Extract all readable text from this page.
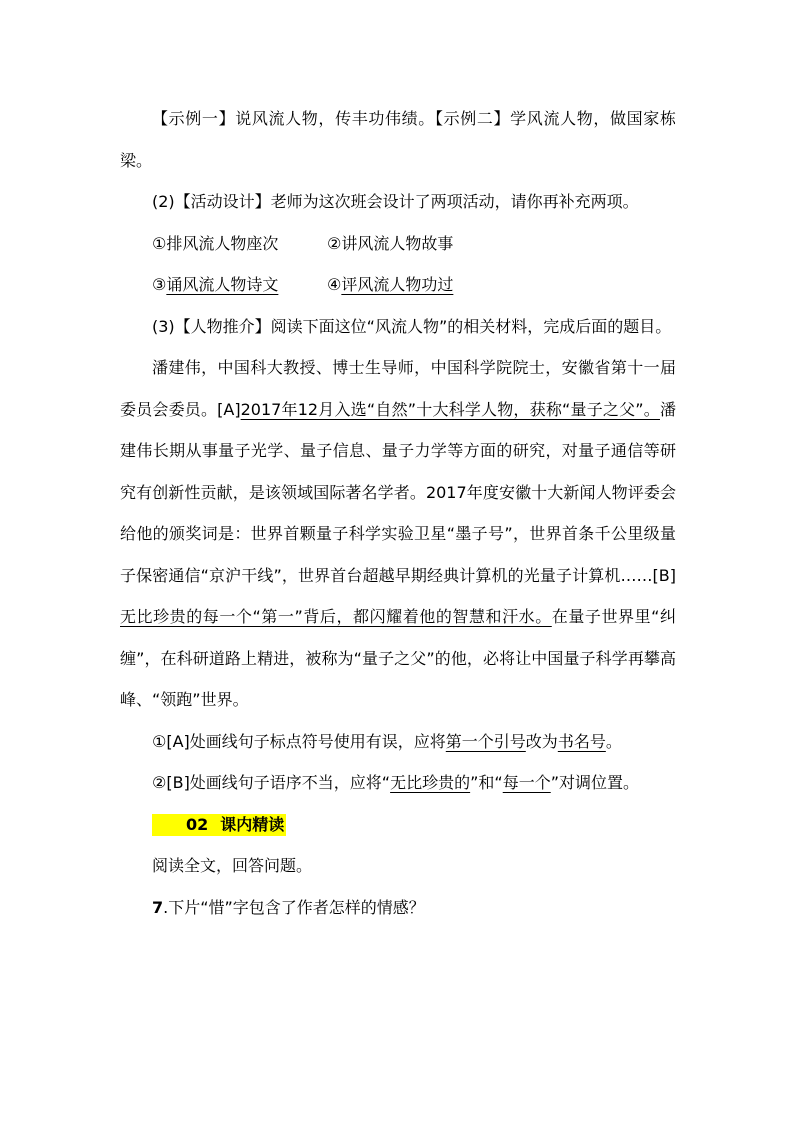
【示例一】说风流人物，传丰功伟绩。【示例二】学风流人物，做国家栋梁。

(2)【活动设计】老师为这次班会设计了两项活动，请你再补充两项。

①排风流人物座次	②讲风流人物故事
③诵风流人物诗文	④评风流人物功过

(3)【人物推介】阅读下面这位“风流人物”的相关材料，完成后面的题目。

潘建伟，中国科大教授、博士生导师，中国科学院院士，安徽省第十一届委员会委员。[A]2017年12月入选“自然”十大科学人物，获称“量子之父”。潘建伟长期从事量子光学、量子信息、量子力学等方面的研究，对量子通信等研究有创新性贡献，是该领域国际著名学者。2017年度安徽十大新闻人物评委会给他的颁奖词是：世界首颗量子科学实验卫星“墨子号”，世界首条千公里级量子保密通信“京沪干线”，世界首台超越早期经典计算机的光量子计算机……[B]无比珍贵的每一个“第一”背后，都闪耀着他的智慧和汗水。在量子世界里“纠缠”，在科研道路上精进，被称为“量子之父”的他，必将让中国量子科学再攀高峰、“领跑”世界。

①[A]处画线句子标点符号使用有误，应将第一个引号改为书名号。

②[B]处画线句子语序不当，应将“无比珍贵的”和“每一个”对调位置。

02 课内精读

阅读全文，回答问题。

7.下片“惜”字包含了作者怎样的情感？
